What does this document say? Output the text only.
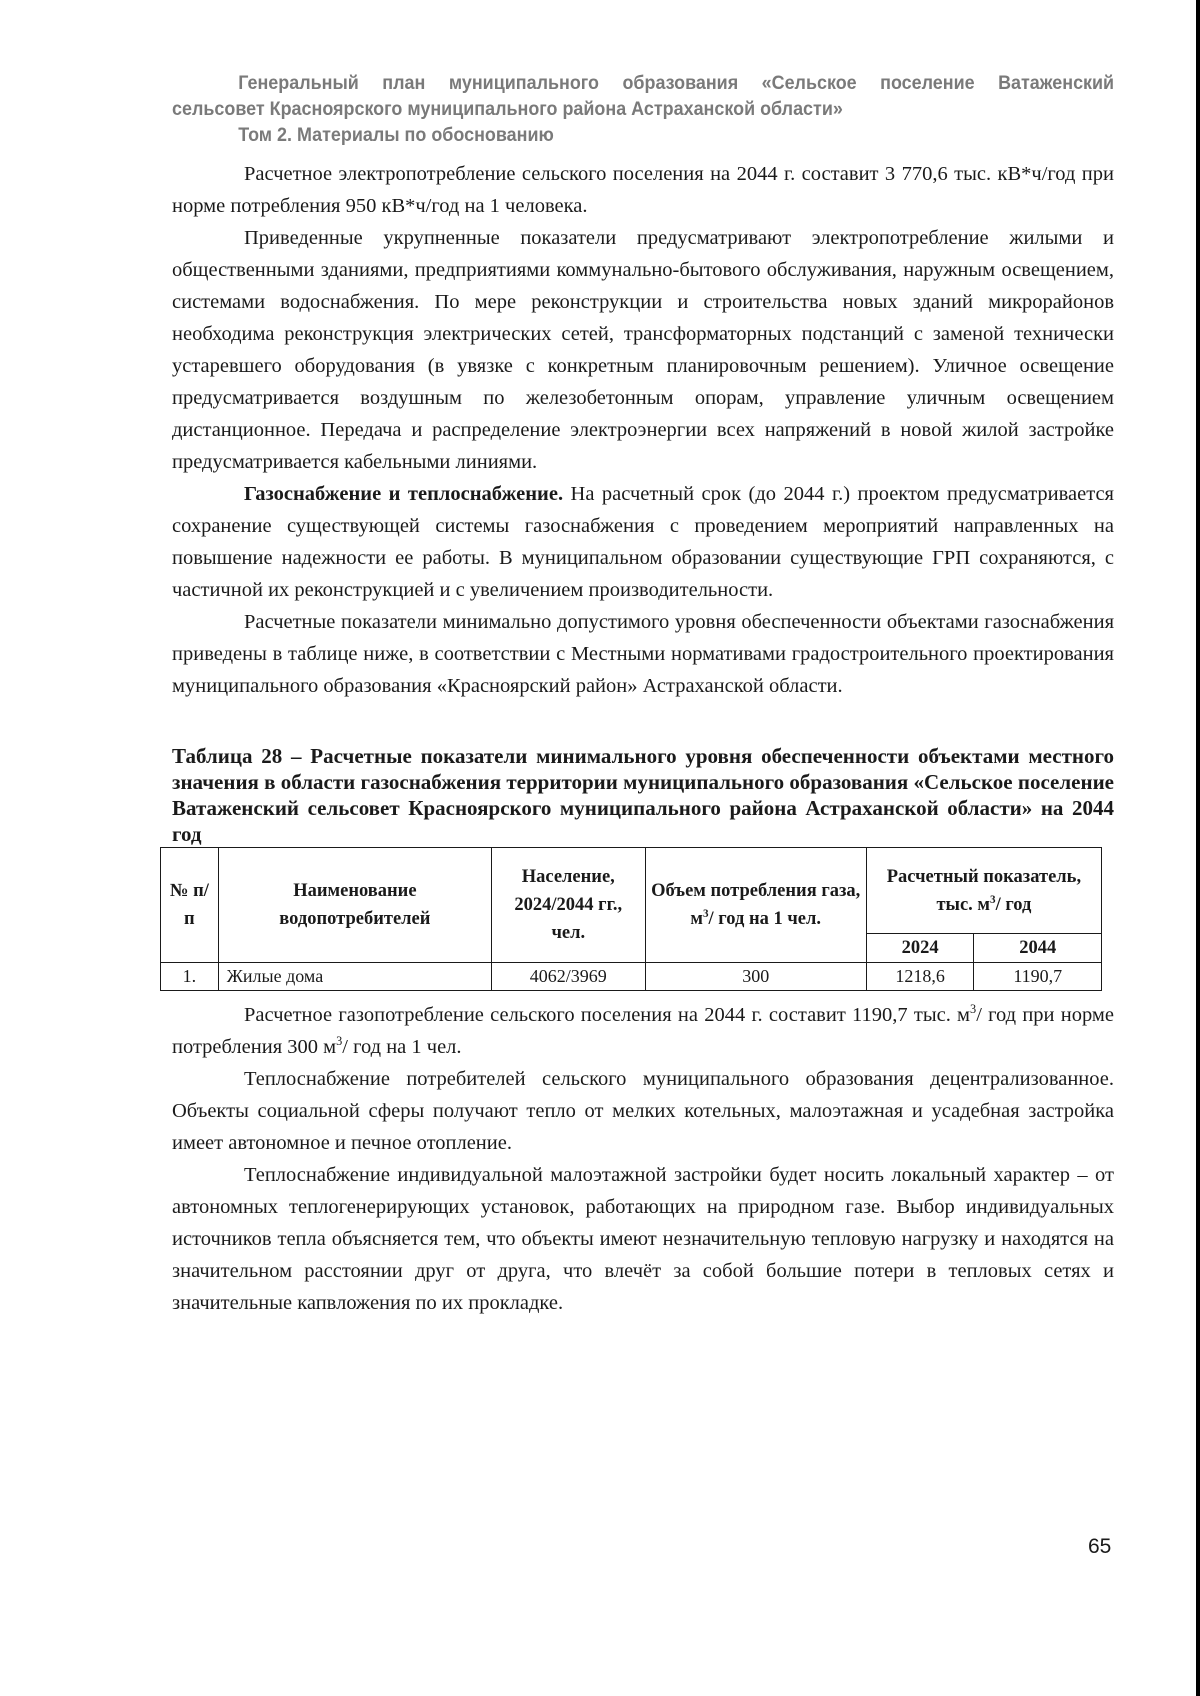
Генеральный план муниципального образования «Сельское поселение Ватаженский
сельсовет Красноярского муниципального района Астраханской области»
Том 2. Материалы по обоснованию

Расчетное электропотребление сельского поселения на 2044 г. составит 3 770,6 тыс. кВ*ч/год при норме потребления 950 кВ*ч/год на 1 человека.

Приведенные укрупненные показатели предусматривают электропотребление жилыми и общественными зданиями, предприятиями коммунально-бытового обслуживания, наружным освещением, системами водоснабжения. По мере реконструкции и строительства новых зданий микрорайонов необходима реконструкция электрических сетей, трансформаторных подстанций с заменой технически устаревшего оборудования (в увязке с конкретным планировочным решением). Уличное освещение предусматривается воздушным по железобетонным опорам, управление уличным освещением дистанционное. Передача и распределение электроэнергии всех напряжений в новой жилой застройке предусматривается кабельными линиями.

Газоснабжение и теплоснабжение. На расчетный срок (до 2044 г.) проектом предусматривается сохранение существующей системы газоснабжения с проведением мероприятий направленных на повышение надежности ее работы. В муниципальном образовании существующие ГРП сохраняются, с частичной их реконструкцией и с увеличением производительности.

Расчетные показатели минимально допустимого уровня обеспеченности объектами газоснабжения приведены в таблице ниже, в соответствии с Местными нормативами градостроительного проектирования муниципального образования «Красноярский район» Астраханской области.

Таблица 28 – Расчетные показатели минимального уровня обеспеченности объектами местного значения в области газоснабжения территории муниципального образования «Сельское поселение Ватаженский сельсовет Красноярского муниципального района Астраханской области» на 2044 год
№ п/п	Наименование водопотребителей	Население, 2024/2044 гг., чел.	Объем потребления газа, $м^3/$ год на 1 чел.	Расчетный показатель, тыс. $м^3/$ год	
				2024	2044
1.	Жилые дома	4062/3969	300	1218,6	1190,7

Расчетное газопотребление сельского поселения на 2044 г. составит 1190,7 тыс. $м^3/$ год при норме потребления 300 $м^3/$ год на 1 чел.

Теплоснабжение потребителей сельского муниципального образования децентрализованное. Объекты социальной сферы получают тепло от мелких котельных, малоэтажная и усадебная застройка имеет автономное и печное отопление.

Теплоснабжение индивидуальной малоэтажной застройки будет носить локальный характер – от автономных теплогенерирующих установок, работающих на природном газе. Выбор индивидуальных источников тепла объясняется тем, что объекты имеют незначительную тепловую нагрузку и находятся на значительном расстоянии друг от друга, что влечёт за собой большие потери в тепловых сетях и значительные капвложения по их прокладке.

65
